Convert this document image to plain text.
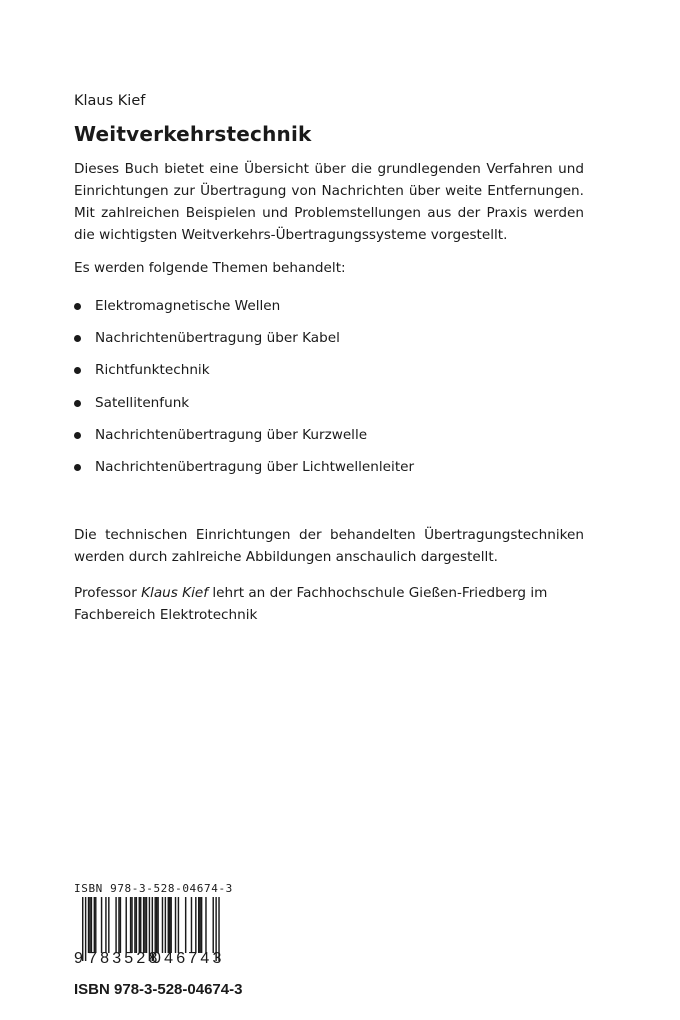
Klaus Kief
Weitverkehrstechnik
Dieses Buch bietet eine Übersicht über die grundlegenden Verfahren und Einrichtungen zur Übertragung von Nachrichten über weite Entfernungen. Mit zahlreichen Beispielen und Problemstellungen aus der Praxis werden die wichtigsten Weitverkehrs-Übertragungssysteme vorgestellt.
Es werden folgende Themen behandelt:
Elektromagnetische Wellen
Nachrichtenübertragung über Kabel
Richtfunktechnik
Satellitenfunk
Nachrichtenübertragung über Kurzwelle
Nachrichtenübertragung über Lichtwellenleiter
Die technischen Einrichtungen der behandelten Übertragungstechniken werden durch zahlreiche Abbildungen anschaulich dargestellt.
Professor Klaus Kief lehrt an der Fachhochschule Gießen-Friedberg im Fachbereich Elektrotechnik
ISBN 978-3-528-04674-3
9 783528
046743
ISBN 978-3-528-04674-3
